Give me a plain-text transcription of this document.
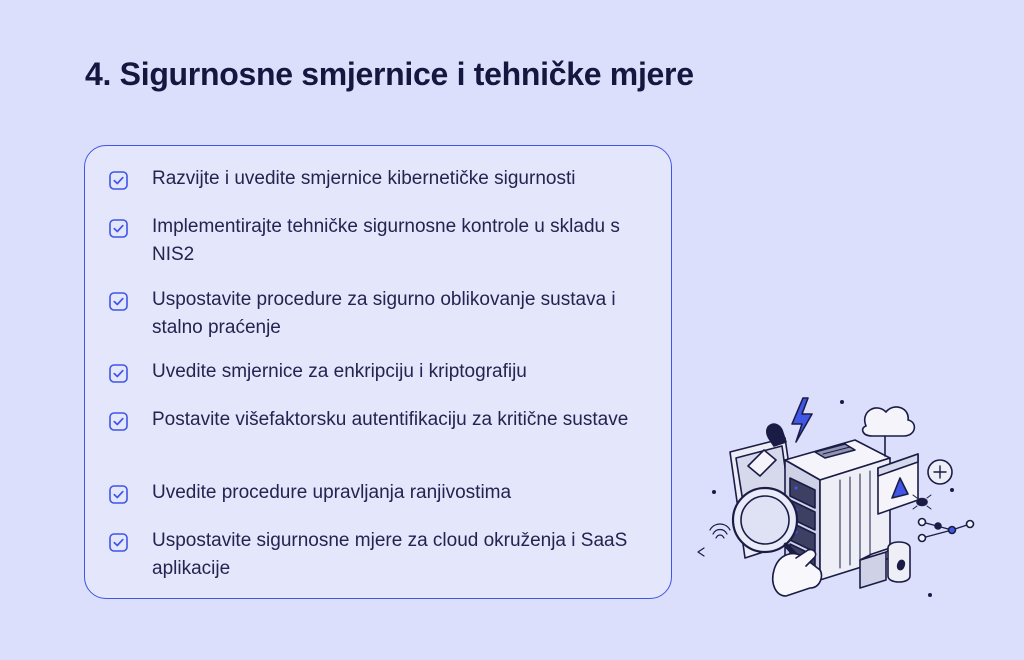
4. Sigurnosne smjernice i tehničke mjere
Razvijte i uvedite smjernice kibernetičke sigurnosti
Implementirajte tehničke sigurnosne kontrole u skladu s NIS2
Uspostavite procedure za sigurno oblikovanje sustava i stalno praćenje
Uvedite smjernice za enkripciju i kriptografiju
Postavite višefaktorsku autentifikaciju za kritične sustave
Uvedite procedure upravljanja ranjivostima
Uspostavite sigurnosne mjere za cloud okruženja i SaaS aplikacije
